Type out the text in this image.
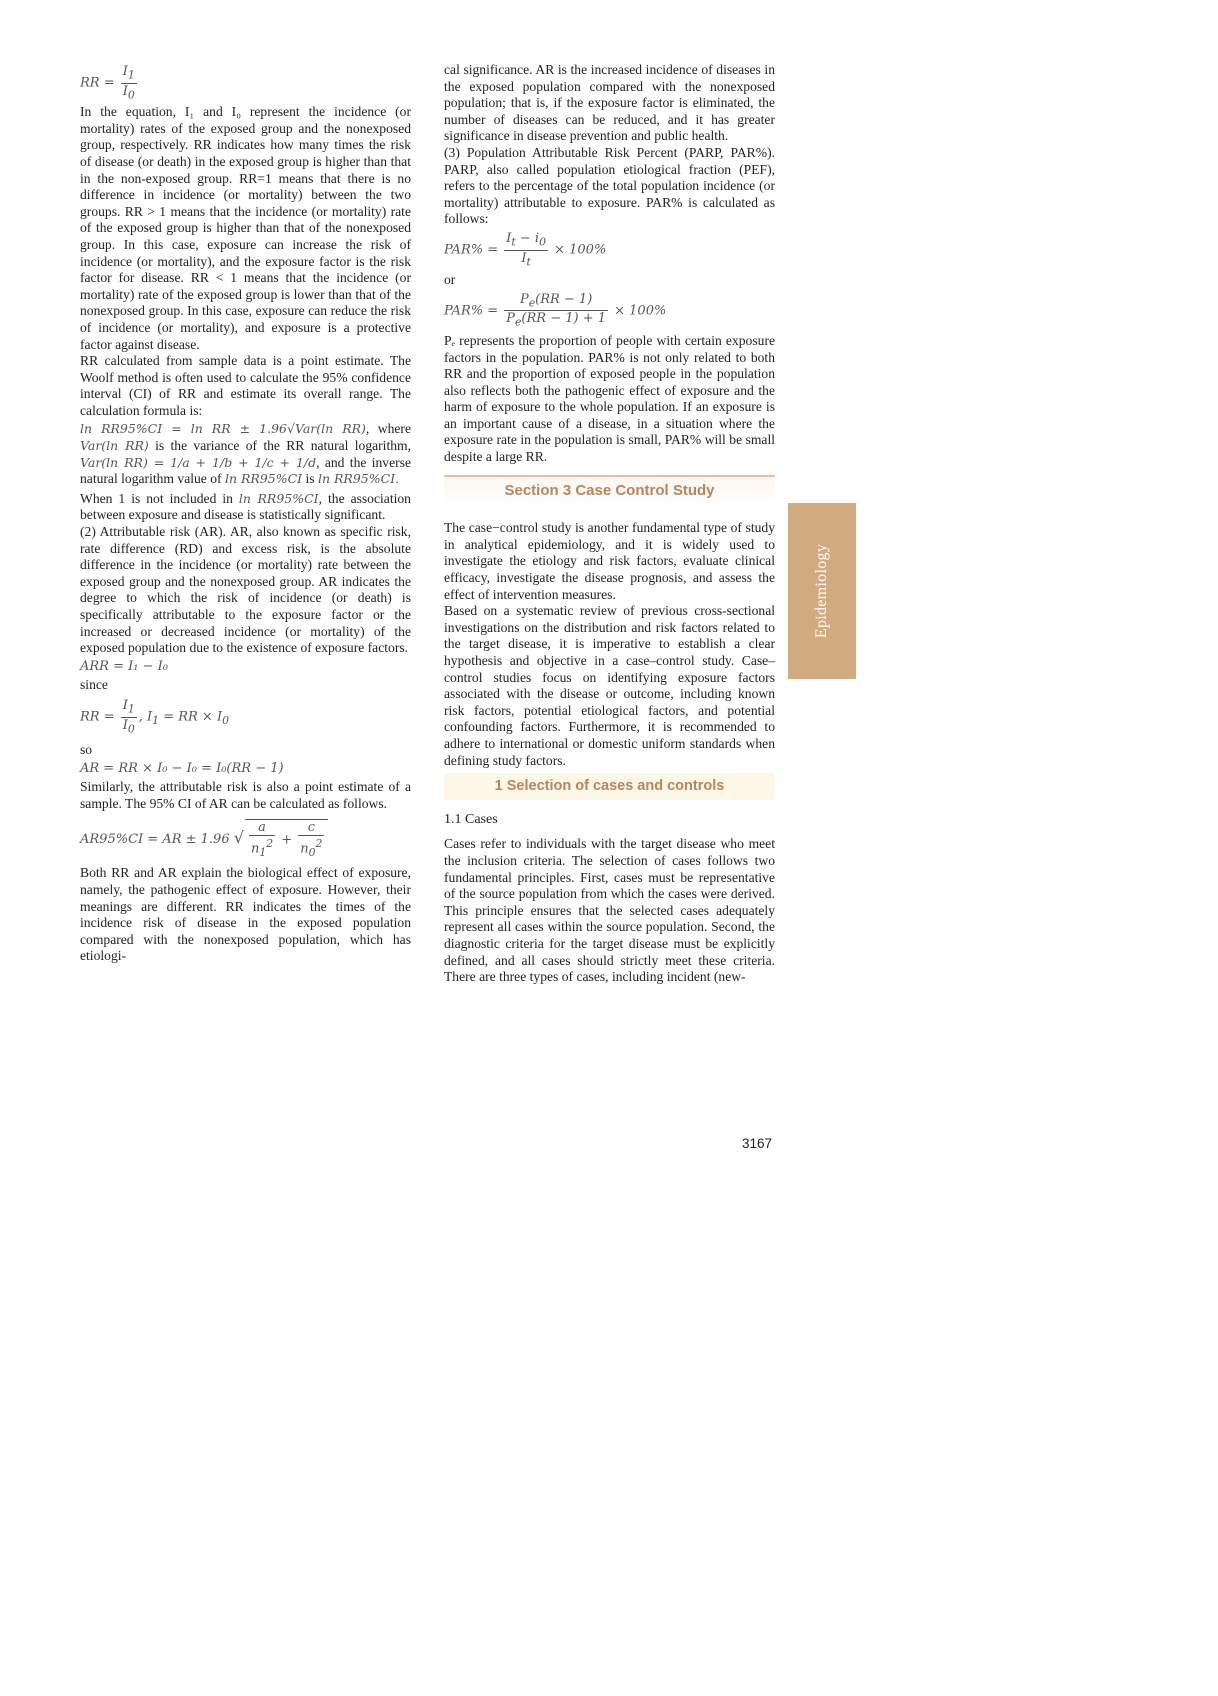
RR = $\frac{I_1}{I_0}$

In the equation, I₁ and I₀ represent the incidence (or mortality) rates of the exposed group and the nonexposed group, respectively. RR indicates how many times the risk of disease (or death) in the exposed group is higher than that in the non-exposed group. RR=1 means that there is no difference in incidence (or mortality) between the two groups. RR > 1 means that the incidence (or mortality) rate of the exposed group is higher than that of the nonexposed group. In this case, exposure can increase the risk of incidence (or mortality), and the exposure factor is the risk factor for disease. RR < 1 means that the incidence (or mortality) rate of the exposed group is lower than that of the nonexposed group. In this case, exposure can reduce the risk of incidence (or mortality), and exposure is a protective factor against disease.

RR calculated from sample data is a point estimate. The Woolf method is often used to calculate the 95% confidence interval (CI) of RR and estimate its overall range. The calculation formula is:

ln RR95%CI = ln RR ± 1.96√Var(ln RR), where Var(ln RR) is the variance of the RR natural logarithm, Var(ln RR) = 1/a + 1/b + 1/c + 1/d, and the inverse natural logarithm value of ln RR95%CI is ln RR95%CI.

When 1 is not included in ln RR95%CI, the association between exposure and disease is statistically significant.

(2) Attributable risk (AR). AR, also known as specific risk, rate difference (RD) and excess risk, is the absolute difference in the incidence (or mortality) rate between the exposed group and the nonexposed group. AR indicates the degree to which the risk of incidence (or death) is specifically attributable to the exposure factor or the increased or decreased incidence (or mortality) of the exposed population due to the existence of exposure factors.

ARR = I₁ − I₀

since

RR = $\frac{I_1}{I_0}$ , $I_1$ = RR × $I_0$

so

AR = RR × I₀ − I₀ = I₀(RR − 1)

Similarly, the attributable risk is also a point estimate of a sample. The 95% CI of AR can be calculated as follows.

AR95%CI = AR ± 1.96 √ $\frac{a}{n_1^2} + \frac{c}{n_0^2}$

Both RR and AR explain the biological effect of exposure, namely, the pathogenic effect of exposure. However, their meanings are different. RR indicates the times of the incidence risk of disease in the exposed population compared with the nonexposed population, which has etiologi-

cal significance. AR is the increased incidence of diseases in the exposed population compared with the nonexposed population; that is, if the exposure factor is eliminated, the number of diseases can be reduced, and it has greater significance in disease prevention and public health.

(3) Population Attributable Risk Percent (PARP, PAR%). PARP, also called population etiological fraction (PEF), refers to the percentage of the total population incidence (or mortality) attributable to exposure. PAR% is calculated as follows:

$PAR\% = \frac{I_t - i_0}{I_t} \times 100\%$

or

$PAR\% = \frac{P_e(RR - 1)}{P_e(RR - 1) + 1} \times 100\%$

Pₑ represents the proportion of people with certain exposure factors in the population. PAR% is not only related to both RR and the proportion of exposed people in the population also reflects both the pathogenic effect of exposure and the harm of exposure to the whole population. If an exposure is an important cause of a disease, in a situation where the exposure rate in the population is small, PAR% will be small despite a large RR.

Section 3 Case Control Study

The case−control study is another fundamental type of study in analytical epidemiology, and it is widely used to investigate the etiology and risk factors, evaluate clinical efficacy, investigate the disease prognosis, and assess the effect of intervention measures.

Based on a systematic review of previous cross-sectional investigations on the distribution and risk factors related to the target disease, it is imperative to establish a clear hypothesis and objective in a case–control study. Case–control studies focus on identifying exposure factors associated with the disease or outcome, including known risk factors, potential etiological factors, and potential confounding factors. Furthermore, it is recommended to adhere to international or domestic uniform standards when defining study factors.

1 Selection of cases and controls

1.1 Cases

Cases refer to individuals with the target disease who meet the inclusion criteria. The selection of cases follows two fundamental principles. First, cases must be representative of the source population from which the cases were derived. This principle ensures that the selected cases adequately represent all cases within the source population. Second, the diagnostic criteria for the target disease must be explicitly defined, and all cases should strictly meet these criteria. There are three types of cases, including incident (new-

Epidemiology
3167
